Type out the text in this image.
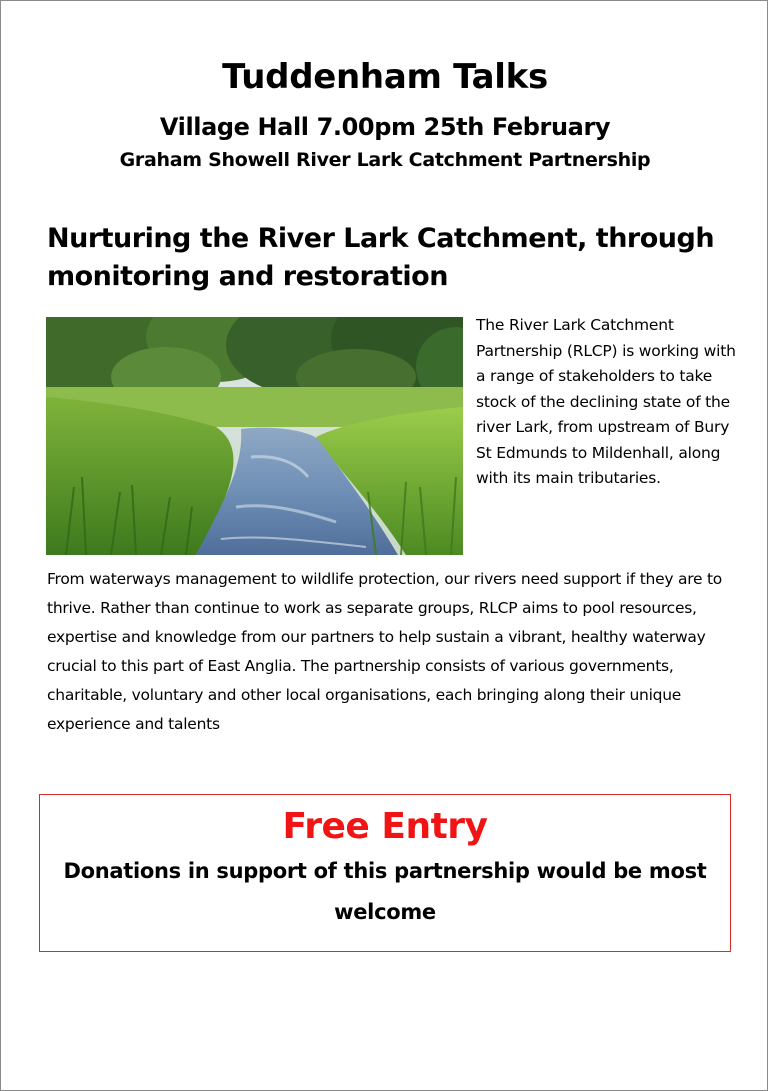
Tuddenham Talks
Village Hall 7.00pm 25th February
Graham Showell River Lark Catchment Partnership
Nurturing the River Lark Catchment, through monitoring and restoration
The River Lark Catchment Partnership (RLCP) is working with a range of stakeholders to take stock of the declining state of the river Lark, from upstream of Bury St Edmunds to Mildenhall, along with its main tributaries.
From waterways management to wildlife protection, our rivers need support if they are to thrive. Rather than continue to work as separate groups, RLCP aims to pool resources, expertise and knowledge from our partners to help sustain a vibrant, healthy waterway crucial to this part of East Anglia. The partnership consists of various governments, charitable, voluntary and other local organisations, each bringing along their unique experience and talents
Free Entry
Donations in support of this partnership would be most welcome
